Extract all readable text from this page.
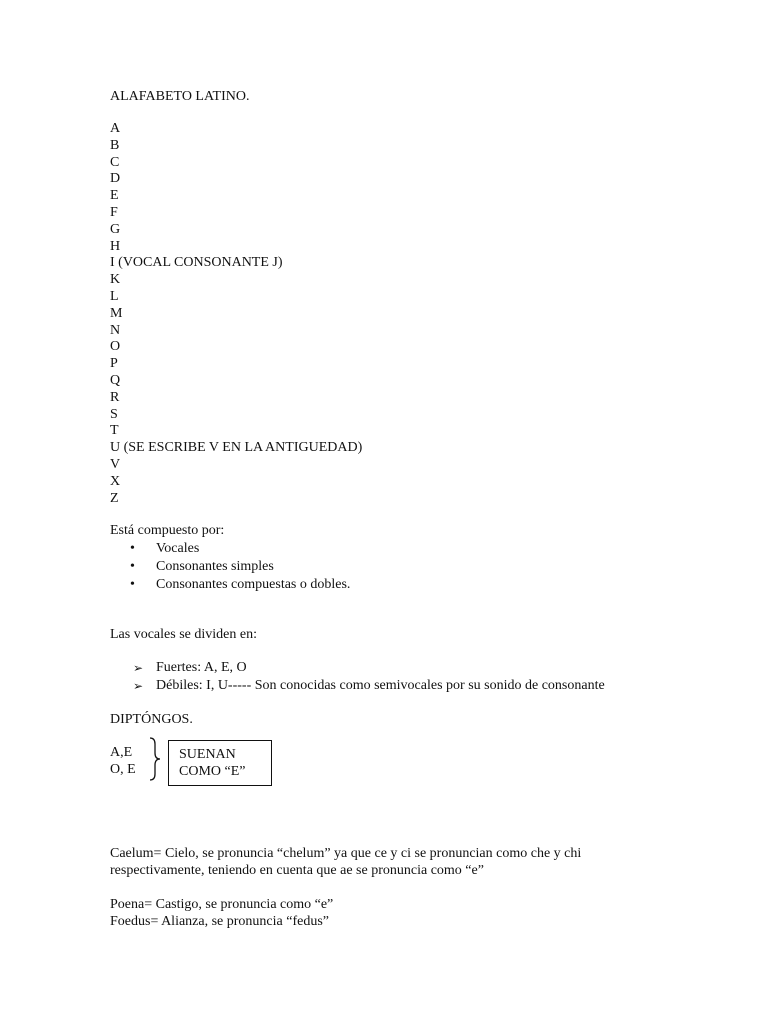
ALAFABETO LATINO.
A
B
C
D
E
F
G
H
I (VOCAL CONSONANTE J)
K
L
M
N
O
P
Q
R
S
T
U (SE ESCRIBE V EN LA ANTIGUEDAD)
V
X
Z
Está compuesto por:
• Vocales
• Consonantes simples
• Consonantes compuestas o dobles.
Las vocales se dividen en:
➢ Fuertes: A, E, O
➢ Débiles: I, U----- Son conocidas como semivocales por su sonido de consonante
DIPTÓNGOS.
A,E
O, E
SUENAN
COMO “E”

Caelum= Cielo, se pronuncia “chelum” ya que ce y ci se pronuncian como che y chi

respectivamente, teniendo en cuenta que ae se pronuncia como “e”

Poena= Castigo, se pronuncia como “e”

Foedus= Alianza, se pronuncia “fedus”
